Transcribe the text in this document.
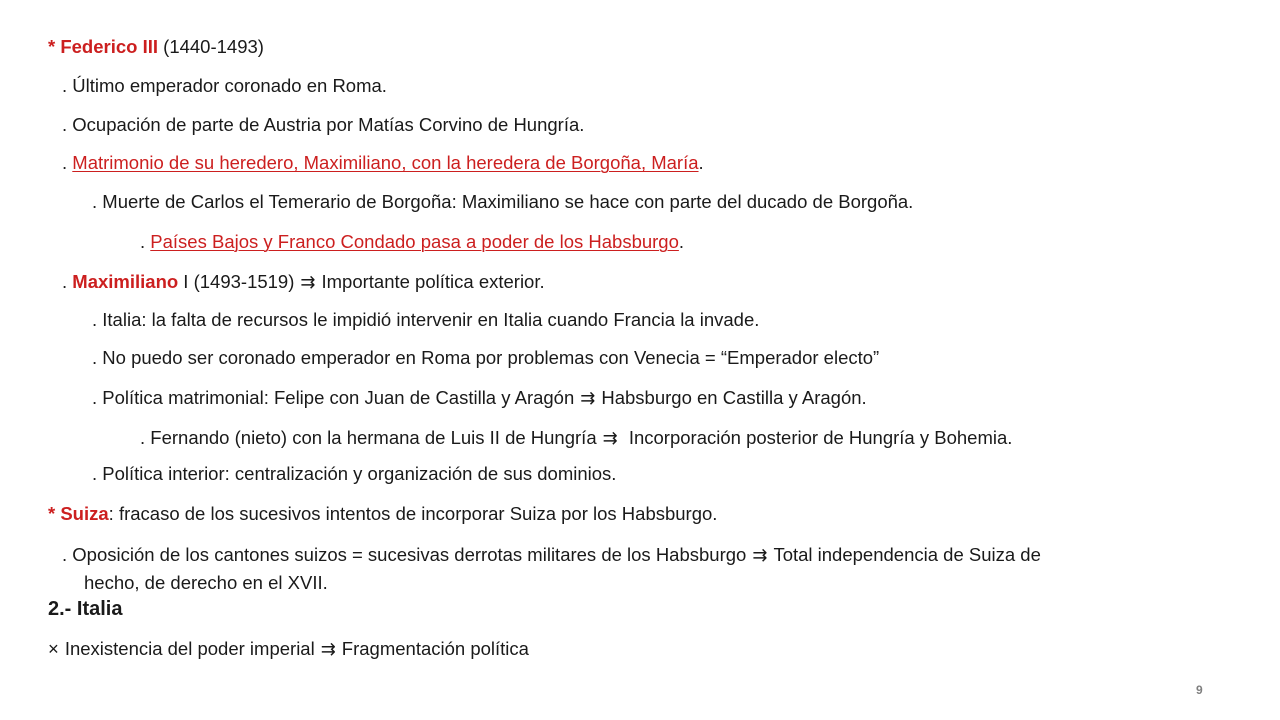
* Federico III (1440-1493)
. Último emperador coronado en Roma.
. Ocupación de parte de Austria por Matías Corvino de Hungría.
. Matrimonio de su heredero, Maximiliano, con la heredera de Borgoña, María.
. Muerte de Carlos el Temerario de Borgoña: Maximiliano se hace con parte del ducado de Borgoña.
. Países Bajos y Franco Condado pasa a poder de los Habsburgo.
. Maximiliano I (1493-1519) ⇉ Importante política exterior.
. Italia: la falta de recursos le impidió intervenir en Italia cuando Francia la invade.
. No puedo ser coronado emperador en Roma por problemas con Venecia = “Emperador electo”
. Política matrimonial: Felipe con Juan de Castilla y Aragón ⇉ Habsburgo en Castilla y Aragón.
. Fernando (nieto) con la hermana de Luis II de Hungría ⇉ Incorporación posterior de Hungría y Bohemia.
. Política interior: centralización y organización de sus dominios.
* Suiza: fracaso de los sucesivos intentos de incorporar Suiza por los Habsburgo.
. Oposición de los cantones suizos = sucesivas derrotas militares de los Habsburgo ⇉ Total independencia de Suiza de
hecho, de derecho en el XVII.
2.- Italia
× Inexistencia del poder imperial ⇉ Fragmentación política
9
